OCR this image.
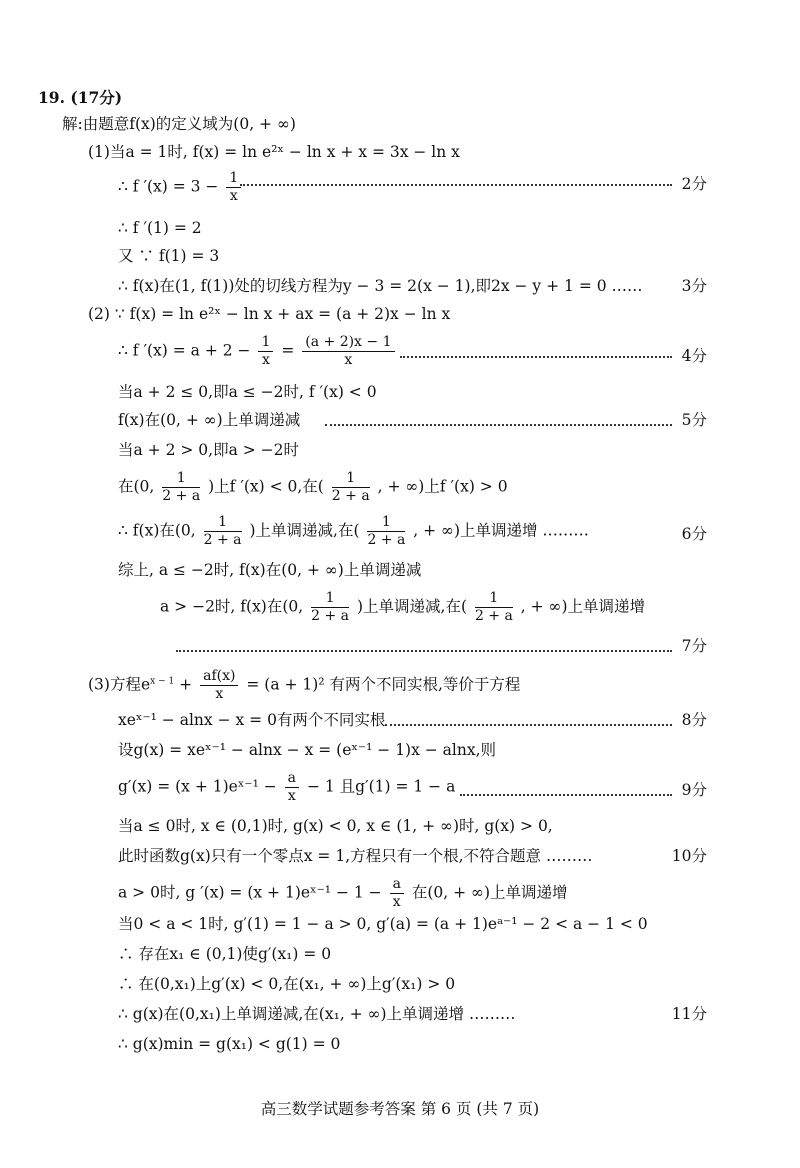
19. (17分)
解:由题意f(x)的定义域为(0, + ∞)
(1)当a = 1时, f(x) = ln e²ˣ − ln x + x = 3x − ln x
∴ f $'(x) = 3 - \frac{1}{x}$	2分
∴ f ′(1) = 2
又 ∵ f(1) = 3
∴ f(x)在(1, f(1))处的切线方程为y − 3 = 2(x − 1),即2x − y + 1 = 0 ……	3分
(2) ∵ f(x) = ln e²ˣ − ln x + ax = (a + 2)x − ln x
∴ f $'(x) = a + 2 - \frac{1}{x} = \frac{(a + 2)x - 1}{x}$	4分
当a + 2 ≤ 0,即a ≤ −2时, f ′(x) < 0
f(x)在(0, + ∞)上单调递减	5分
当a + 2 > 0,即a > −2时
在(0, $\frac{1}{2 + a}$ )上f ′(x) < 0,在( $\frac{1}{2 + a}$ , + ∞)上f ′(x) > 0
∴ f(x)在(0, $\frac{1}{2 + a}$ )上单调递减,在( $\frac{1}{2 + a}$ , + ∞)上单调递增 ………	6分
综上, a ≤ −2时, f(x)在(0, + ∞)上单调递减
a > −2时, f(x)在(0, $\frac{1}{2 + a}$ )上单调递减,在( $\frac{1}{2 + a}$ , + ∞)上单调递增
7分
(3)方程$e^{x - 1} + \frac{af(x)}{x} = (a + 1)^2$ 有两个不同实根,等价于方程
xeˣ⁻¹ − alnx − x = 0有两个不同实根	8分
设g(x) = xeˣ⁻¹ − alnx − x = (eˣ⁻¹ − 1)x − alnx,则
g′(x) = (x + 1)eˣ⁻¹ − $\frac{a}{x} - 1$ 且g′(1) = 1 − a	9分
当a ≤ 0时, x ∈ (0,1)时, g(x) < 0, x ∈ (1, + ∞)时, g(x) > 0,
此时函数g(x)只有一个零点x = 1,方程只有一个根,不符合题意 ………	10分
a > 0时, g ′(x) = (x + 1)eˣ⁻¹ − $1 - \frac{a}{x}$ 在(0, + ∞)上单调递增
当0 < a < 1时, g′(1) = 1 − a > 0, g′(a) = (a + 1)eᵃ⁻¹ − 2 < a − 1 < 0
∴ 存在x₁ ∈ (0,1)使g′(x₁) = 0
∴ 在(0,x₁)上g′(x) < 0,在(x₁, + ∞)上g′(x₁) > 0
∴ g(x)在(0,x₁)上单调递减,在(x₁, + ∞)上单调递增 ………	11分
∴ g(x)min = g(x₁) < g(1) = 0
高三数学试题参考答案 第 6 页 (共 7 页)
